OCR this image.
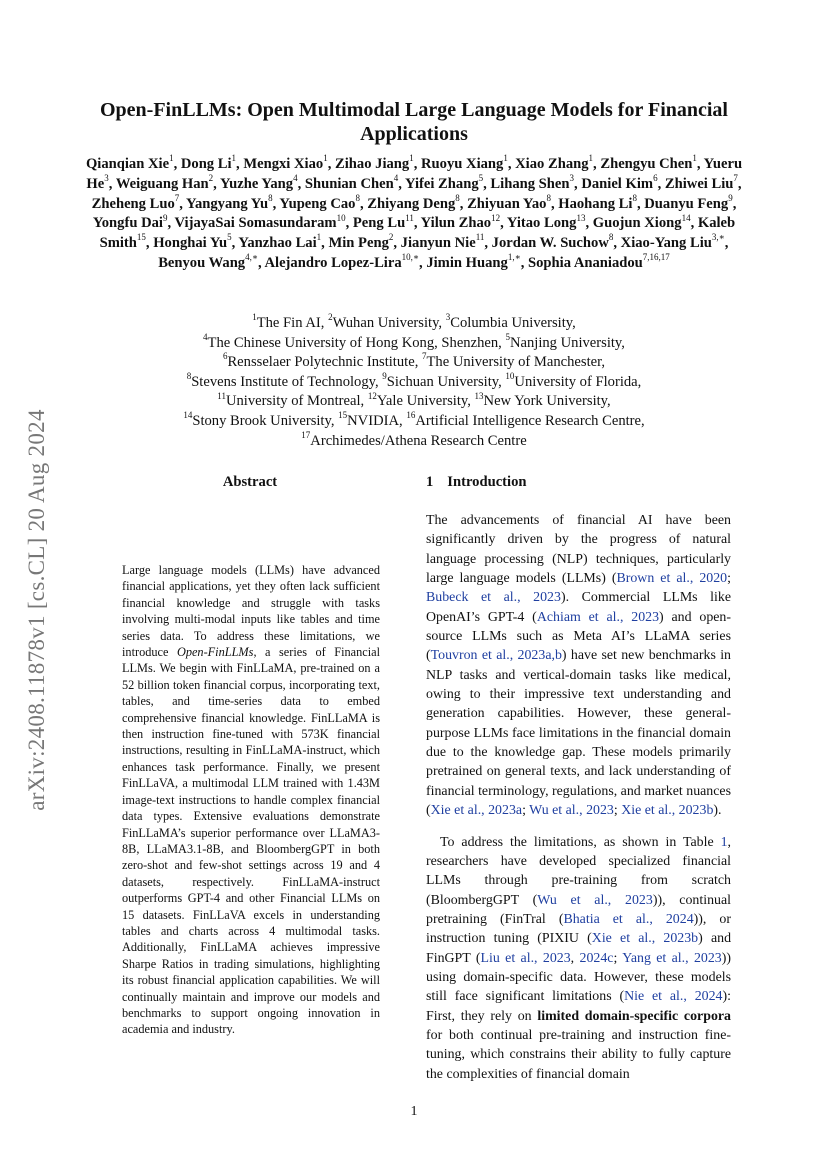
arXiv:2408.11878v1 [cs.CL] 20 Aug 2024
Open-FinLLMs: Open Multimodal Large Language Models for Financial Applications
Qianqian Xie$^1$, Dong Li$^1$, Mengxi Xiao$^1$, Zihao Jiang$^1$, Ruoyu Xiang$^1$, Xiao Zhang$^1$, Zhengyu Chen$^1$, Yueru He$^3$, Weiguang Han$^2$, Yuzhe Yang$^4$, Shunian Chen$^4$, Yifei Zhang$^5$, Lihang Shen$^3$, Daniel Kim$^6$, Zhiwei Liu$^7$, Zheheng Luo$^7$, Yangyang Yu$^8$, Yupeng Cao$^8$, Zhiyang Deng$^8$, Zhiyuan Yao$^8$, Haohang Li$^8$, Duanyu Feng$^9$, Yongfu Dai$^9$, VijayaSai Somasundaram$^{10}$, Peng Lu$^{11}$, Yilun Zhao$^{12}$, Yitao Long$^{13}$, Guojun Xiong$^{14}$, Kaleb Smith$^{15}$, Honghai Yu$^5$, Yanzhao Lai$^1$, Min Peng$^2$, Jianyun Nie$^{11}$, Jordan W. Suchow$^8$, Xiao-Yang Liu$^{3,∗}$, Benyou Wang$^{4,∗}$, Alejandro Lopez-Lira$^{10,∗}$, Jimin Huang$^{1,∗}$, Sophia Ananiadou$^{7,16,17}$
$^1$The Fin AI, $^2$Wuhan University, $^3$Columbia University,
$^4$The Chinese University of Hong Kong, Shenzhen, $^5$Nanjing University,
$^6$Rensselaer Polytechnic Institute, $^7$The University of Manchester,
$^8$Stevens Institute of Technology, $^9$Sichuan University, $^{10}$University of Florida,
$^{11}$University of Montreal, $^{12}$Yale University, $^{13}$New York University,
$^{14}$Stony Brook University, $^{15}$NVIDIA, $^{16}$Artificial Intelligence Research Centre,
$^{17}$Archimedes/Athena Research Centre
Abstract
Large language models (LLMs) have advanced financial applications, yet they often lack sufficient financial knowledge and struggle with tasks involving multi-modal inputs like tables and time series data. To address these limitations, we introduce Open-FinLLMs, a series of Financial LLMs. We begin with FinLLaMA, pre-trained on a 52 billion token financial corpus, incorporating text, tables, and time-series data to embed comprehensive financial knowledge. FinLLaMA is then instruction fine-tuned with 573K financial instructions, resulting in FinLLaMA-instruct, which enhances task performance. Finally, we present FinLLaVA, a multimodal LLM trained with 1.43M image-text instructions to handle complex financial data types. Extensive evaluations demonstrate FinLLaMA’s superior performance over LLaMA3-8B, LLaMA3.1-8B, and BloombergGPT in both zero-shot and few-shot settings across 19 and 4 datasets, respectively. FinLLaMA-instruct outperforms GPT-4 and other Financial LLMs on 15 datasets. FinLLaVA excels in understanding tables and charts across 4 multimodal tasks. Additionally, FinLLaMA achieves impressive Sharpe Ratios in trading simulations, highlighting its robust financial application capabilities. We will continually maintain and improve our models and benchmarks to support ongoing innovation in academia and industry.
1 Introduction

The advancements of financial AI have been significantly driven by the progress of natural language processing (NLP) techniques, particularly large language models (LLMs) (Brown et al., 2020; Bubeck et al., 2023). Commercial LLMs like OpenAI’s GPT-4 (Achiam et al., 2023) and open-source LLMs such as Meta AI’s LLaMA series (Touvron et al., 2023a,b) have set new benchmarks in NLP tasks and vertical-domain tasks like medical, owing to their impressive text understanding and generation capabilities. However, these general-purpose LLMs face limitations in the financial domain due to the knowledge gap. These models primarily pretrained on general texts, and lack understanding of financial terminology, regulations, and market nuances (Xie et al., 2023a; Wu et al., 2023; Xie et al., 2023b).

To address the limitations, as shown in Table 1, researchers have developed specialized financial LLMs through pre-training from scratch (BloombergGPT (Wu et al., 2023)), continual pretraining (FinTral (Bhatia et al., 2024)), or instruction tuning (PIXIU (Xie et al., 2023b) and FinGPT (Liu et al., 2023, 2024c; Yang et al., 2023)) using domain-specific data. However, these models still face significant limitations (Nie et al., 2024): First, they rely on limited domain-specific corpora for both continual pre-training and instruction fine-tuning, which constrains their ability to fully capture the complexities of financial domain

1
